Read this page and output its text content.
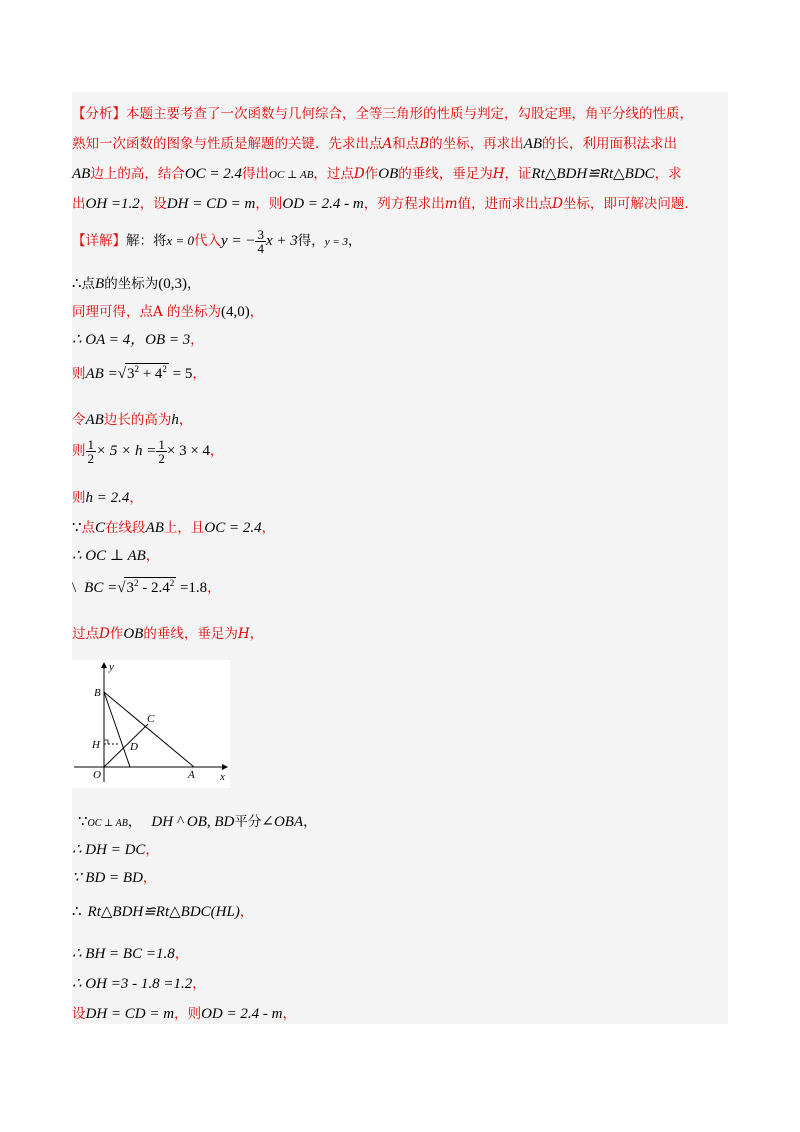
【分析】本题主要考查了一次函数与几何综合，全等三角形的性质与判定，勾股定理，角平分线的性质，
熟知一次函数的图象与性质是解题的关键．先求出点A和点B的坐标，再求出AB的长，利用面积法求出
AB边上的高，结合OC = 2.4得出OC ⊥ AB，过点D作OB的垂线，垂足为H，证Rt△BDH≌Rt△BDC，求
出OH =1.2，设DH = CD = m，则OD = 2.4 - m，列方程求出m值，进而求出点D坐标，即可解决问题.
【详解】解：将x = 0代入y = − $\frac{3}{4}$ x + 3得，y = 3，
∴点B的坐标为(0,3)，
同理可得，点A 的坐标为(4,0)，
∴ OA = 4，OB = 3，
则AB $=√3^2 + 4^2 = 5$，
令AB边长的高为h，
则 $\frac{1}{2} \times 5 \times h = \frac{1}{2} \times 3 \times 4$，
则h = 2.4，
∵点C在线段AB上，且OC = 2.4，
∴ OC ⊥ AB，
\ BC $=√3^2 - 2.4^2 =1.8$，
过点D作OB的垂线，垂足为H，
y
B
C
H	D
O	A x
∵OC ⊥ AB， DH ^ OB, BD平分∠OBA，
∴ DH = DC，
∵ BD = BD，
∴ Rt△BDH≌Rt△BDC(HL)，
∴ BH = BC =1.8，
∴ OH =3 - 1.8 =1.2，
设DH = CD = m，则OD = 2.4 - m，
